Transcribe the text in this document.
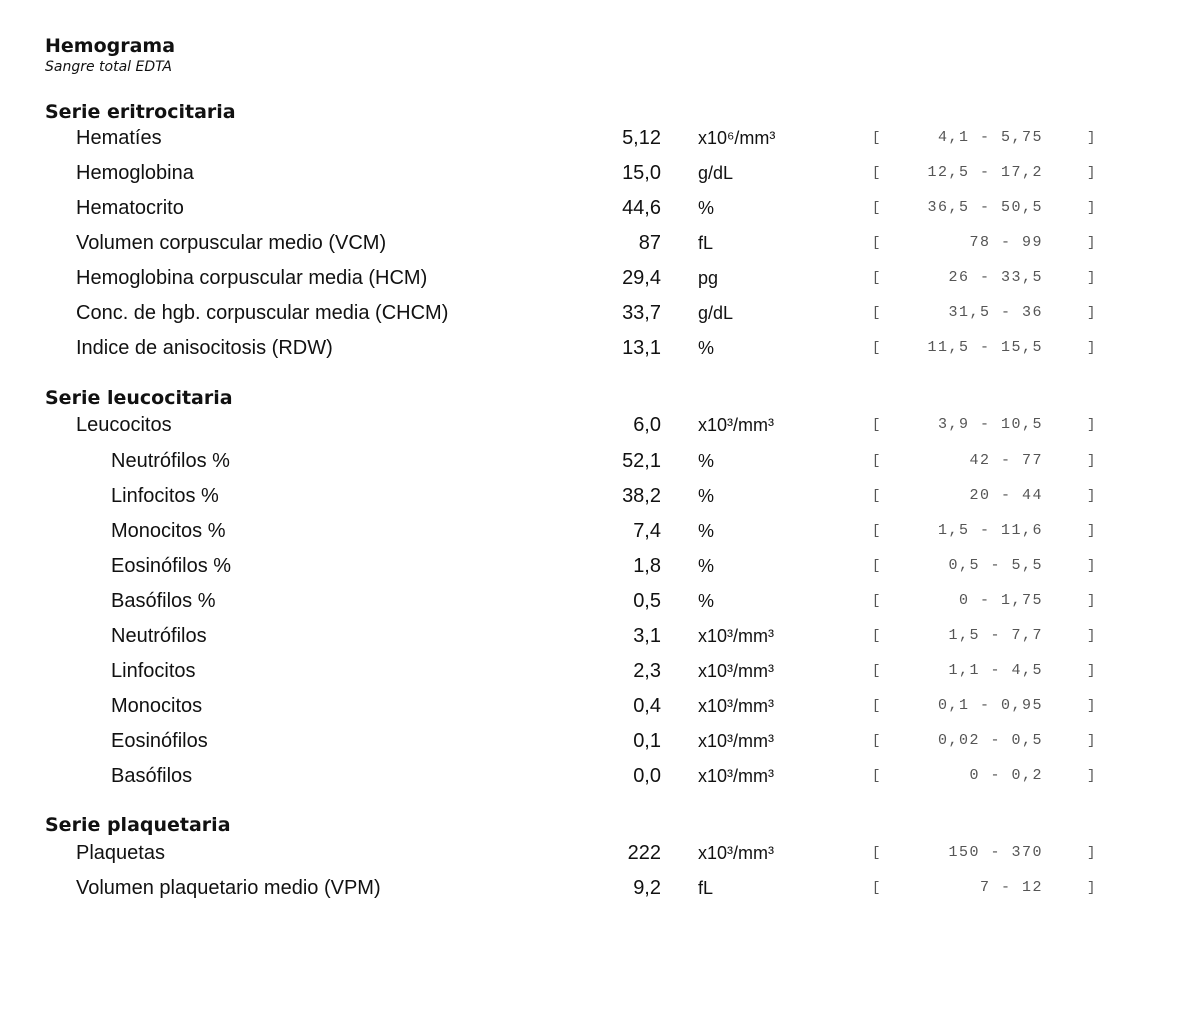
Hemograma
Sangre total EDTA
Serie eritrocitaria
Hematíes	5,12 x10⁶/mm³	[	4,1 - 5,75	]
Hemoglobina	15,0 g/dL	[	12,5 - 17,2	]
Hematocrito	44,6 %	[	36,5 - 50,5	]
Volumen corpuscular medio (VCM)	87 fL	[	78 - 99	]
Hemoglobina corpuscular media (HCM)	29,4 pg	[	26 - 33,5	]
Conc. de hgb. corpuscular media (CHCM)	33,7 g/dL	[	31,5 - 36	]
Indice de anisocitosis (RDW)	13,1 %	[	11,5 - 15,5	]
Serie leucocitaria
Leucocitos	6,0 x10³/mm³	[	3,9 - 10,5	]
Neutrófilos %	52,1 %	[	42 - 77	]
Linfocitos %	38,2 %	[	20 - 44	]
Monocitos %	7,4 %	[	1,5 - 11,6	]
Eosinófilos %	1,8 %	[	0,5 - 5,5	]
Basófilos %	0,5 %	[	0 - 1,75	]
Neutrófilos	3,1 x10³/mm³	[	1,5 - 7,7	]
Linfocitos	2,3 x10³/mm³	[	1,1 - 4,5	]
Monocitos	0,4 x10³/mm³	[	0,1 - 0,95	]
Eosinófilos	0,1 x10³/mm³	[	0,02 - 0,5	]
Basófilos	0,0 x10³/mm³	[	0 - 0,2	]
Serie plaquetaria
Plaquetas	222 x10³/mm³	[	150 - 370	]
Volumen plaquetario medio (VPM)	9,2 fL	[	7 - 12	]
